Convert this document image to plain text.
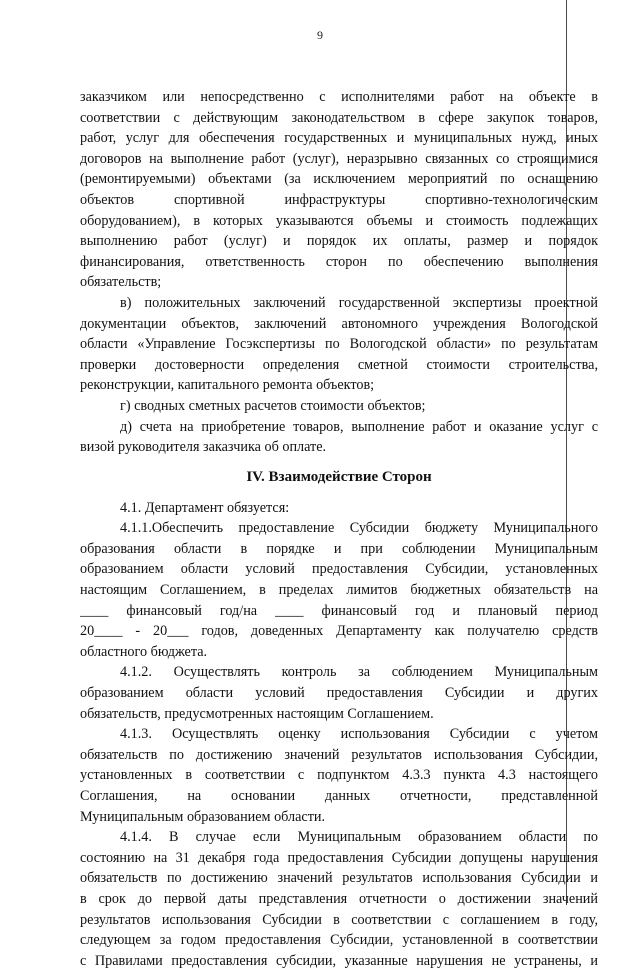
9
заказчиком или непосредственно с исполнителями работ на объекте в
соответствии с действующим законодательством в сфере закупок товаров,
работ, услуг для обеспечения государственных и муниципальных нужд, иных
договоров на выполнение работ (услуг), неразрывно связанных со строящимися
(ремонтируемыми) объектами (за исключением мероприятий по оснащению
объектов спортивной инфраструктуры спортивно-технологическим
оборудованием), в которых указываются объемы и стоимость подлежащих
выполнению работ (услуг) и порядок их оплаты, размер и порядок
финансирования, ответственность сторон по обеспечению выполнения
обязательств;
в) положительных заключений государственной экспертизы проектной
документации объектов, заключений автономного учреждения Вологодской
области «Управление Госэкспертизы по Вологодской области» по результатам
проверки достоверности определения сметной стоимости строительства,
реконструкции, капитального ремонта объектов;
г) сводных сметных расчетов стоимости объектов;
д) счета на приобретение товаров, выполнение работ и оказание услуг с
визой руководителя заказчика об оплате.
IV. Взаимодействие Сторон
4.1. Департамент обязуется:
4.1.1.Обеспечить предоставление Субсидии бюджету Муниципального
образования области в порядке и при соблюдении Муниципальным
образованием области условий предоставления Субсидии, установленных
настоящим Соглашением, в пределах лимитов бюджетных обязательств на
____ финансовый год/на ____ финансовый год и плановый период
20____ - 20___ годов, доведенных Департаменту как получателю средств
областного бюджета.
4.1.2. Осуществлять контроль за соблюдением Муниципальным
образованием области условий предоставления Субсидии и других
обязательств, предусмотренных настоящим Соглашением.
4.1.3. Осуществлять оценку использования Субсидии с учетом
обязательств по достижению значений результатов использования Субсидии,
установленных в соответствии с подпунктом 4.3.3 пункта 4.3 настоящего
Соглашения, на основании данных отчетности, представленной
Муниципальным образованием области.
4.1.4. В случае если Муниципальным образованием области по
состоянию на 31 декабря года предоставления Субсидии допущены нарушения
обязательств по достижению значений результатов использования Субсидии и
в срок до первой даты представления отчетности о достижении значений
результатов использования Субсидии в соответствии с соглашением в году,
следующем за годом предоставления Субсидии, установленной в соответствии
с Правилами предоставления субсидии, указанные нарушения не устранены, и
